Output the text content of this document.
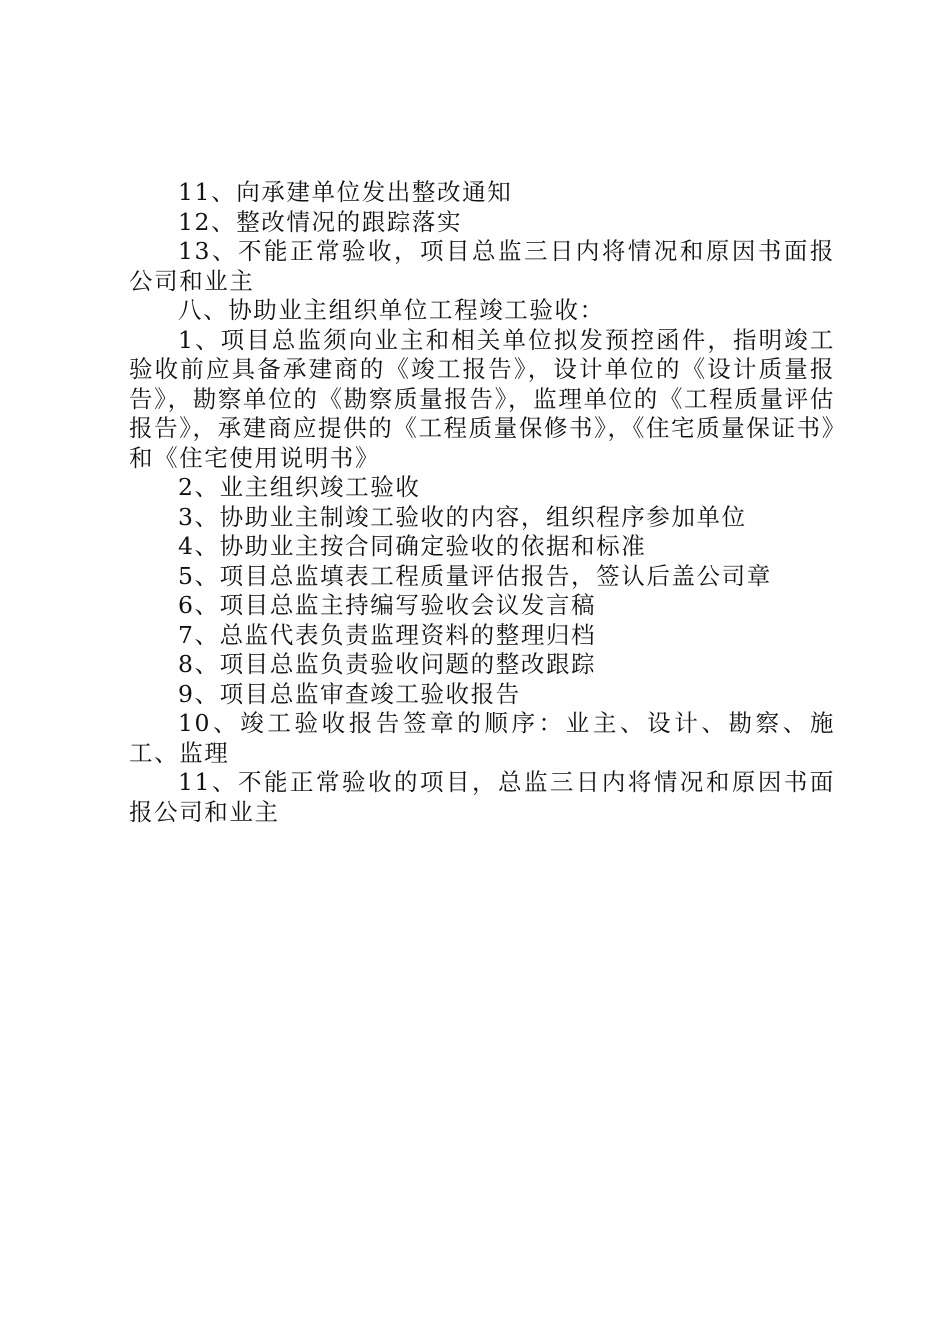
11、向承建单位发出整改通知

12、整改情况的跟踪落实

13、不能正常验收，项目总监三日内将情况和原因书面报公司和业主

八、协助业主组织单位工程竣工验收：

1、项目总监须向业主和相关单位拟发预控函件，指明竣工验收前应具备承建商的《竣工报告》，设计单位的《设计质量报告》，勘察单位的《勘察质量报告》，监理单位的《工程质量评估报告》，承建商应提供的《工程质量保修书》，《住宅质量保证书》和《住宅使用说明书》

2、业主组织竣工验收

3、协助业主制竣工验收的内容，组织程序参加单位

4、协助业主按合同确定验收的依据和标准

5、项目总监填表工程质量评估报告，签认后盖公司章

6、项目总监主持编写验收会议发言稿

7、总监代表负责监理资料的整理归档

8、项目总监负责验收问题的整改跟踪

9、项目总监审查竣工验收报告

10、竣工验收报告签章的顺序：业主、设计、勘察、施工、监理

11、不能正常验收的项目，总监三日内将情况和原因书面报公司和业主
